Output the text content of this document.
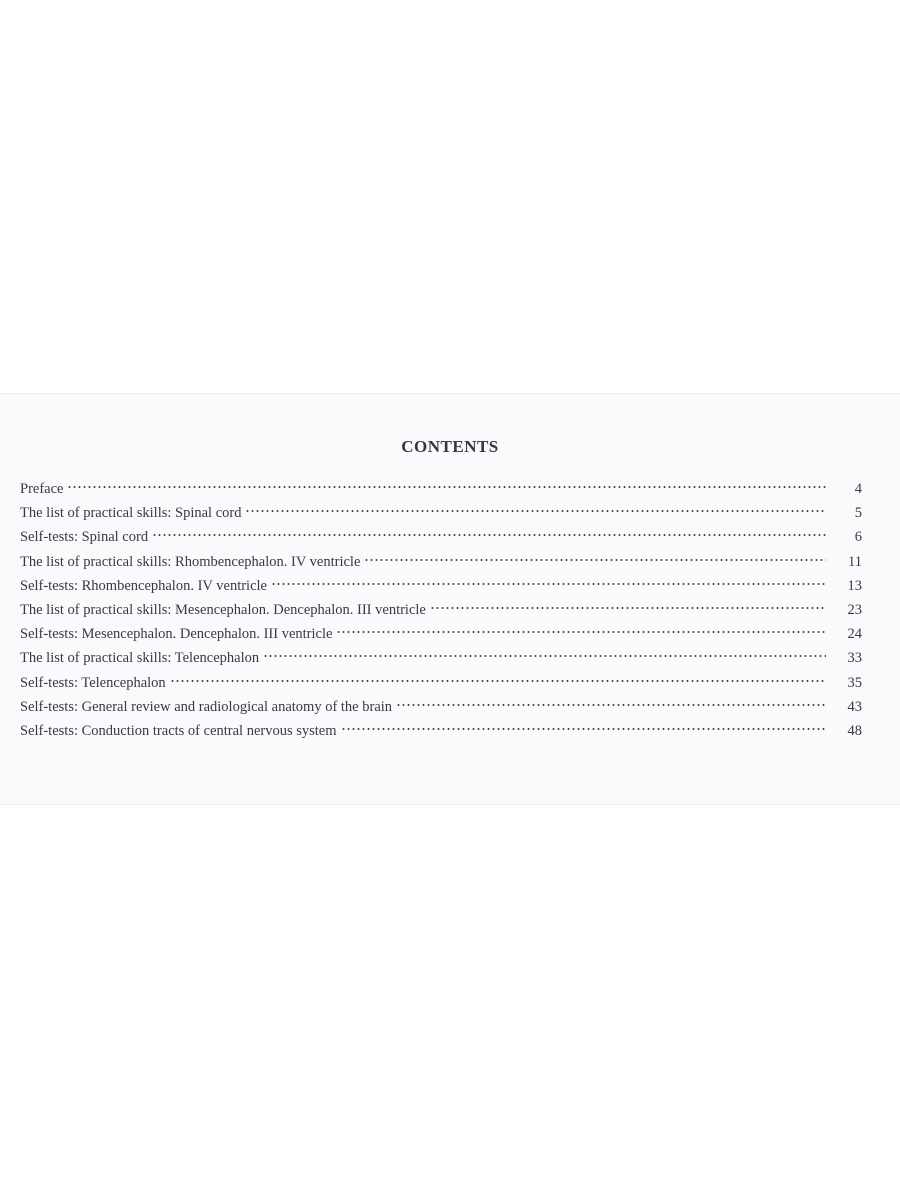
CONTENTS
Preface	4
The list of practical skills: Spinal cord	5
Self-tests: Spinal cord	6
The list of practical skills: Rhombencephalon. IV ventricle	11
Self-tests: Rhombencephalon. IV ventricle	13
The list of practical skills: Mesencephalon. Dencephalon. III ventricle	23
Self-tests: Mesencephalon. Dencephalon. III ventricle	24
The list of practical skills: Telencephalon	33
Self-tests: Telencephalon	35
Self-tests: General review and radiological anatomy of the brain	43
Self-tests: Conduction tracts of central nervous system	48
